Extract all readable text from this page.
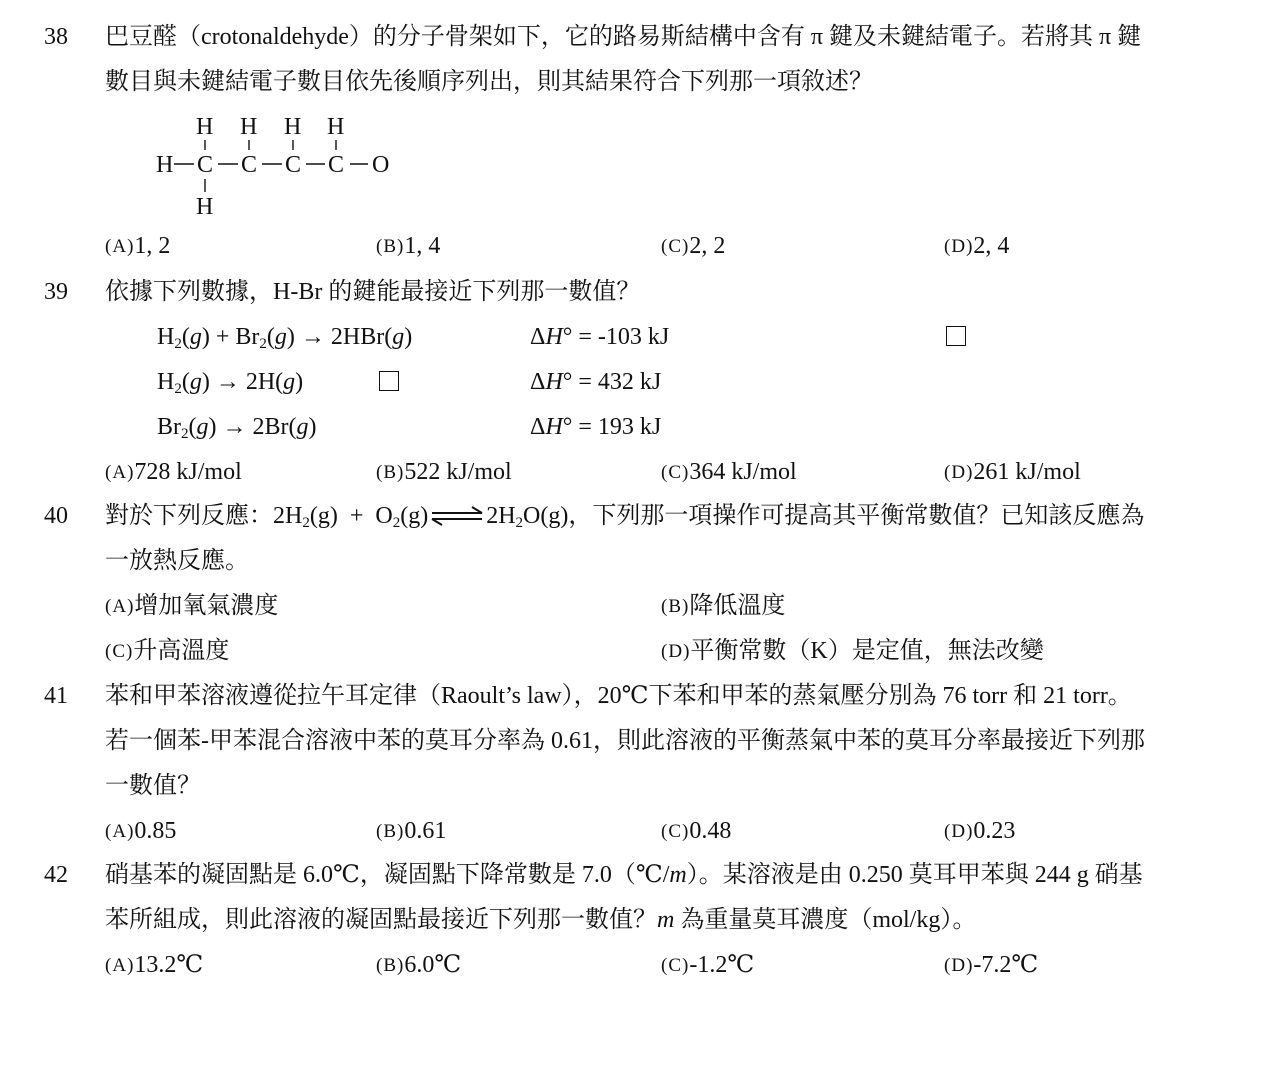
38	巴豆醛（crotonaldehyde）的分子骨架如下，它的路易斯結構中含有 π 鍵及未鍵結電子。若將其 π 鍵
數目與未鍵結電子數目依先後順序列出，則其結果符合下列那一項敘述？
H H H H
H C C C C O
H
(A)1, 2	(B)1, 4	(C)2, 2	(D)2, 4
39	依據下列數據，H-Br 的鍵能最接近下列那一數值？
$H_2(g) + Br_2(g) \to 2HBr(g)$	ΔH° = -103 kJ
$H_2(g) \to 2H(g)$	ΔH° = 432 kJ
$Br_2(g) \to 2Br(g)$	ΔH° = 193 kJ
(A)728 kJ/mol	(B)522 kJ/mol	(C)364 kJ/mol	(D)261 kJ/mol
40	對於下列反應：$2H_2(g)$  +  $O_2(g)\rightleftharpoons 2H_2O(g)$，下列那一項操作可提高其平衡常數值？已知該反應為
一放熱反應。
(A)增加氧氣濃度	(B)降低溫度
(C)升高溫度	(D)平衡常數（K）是定值，無法改變
41	苯和甲苯溶液遵從拉午耳定律（Raoult’s law），20℃下苯和甲苯的蒸氣壓分別為 76 torr 和 21 torr。
若一個苯-甲苯混合溶液中苯的莫耳分率為 0.61，則此溶液的平衡蒸氣中苯的莫耳分率最接近下列那
一數值？
(A)0.85	(B)0.61	(C)0.48	(D)0.23
42	硝基苯的凝固點是 6.0℃，凝固點下降常數是 7.0（℃/m）。某溶液是由 0.250 莫耳甲苯與 244 g 硝基
苯所組成，則此溶液的凝固點最接近下列那一數值？m 為重量莫耳濃度（mol/kg）。
(A)13.2℃	(B)6.0℃	(C)-1.2℃	(D)-7.2℃
